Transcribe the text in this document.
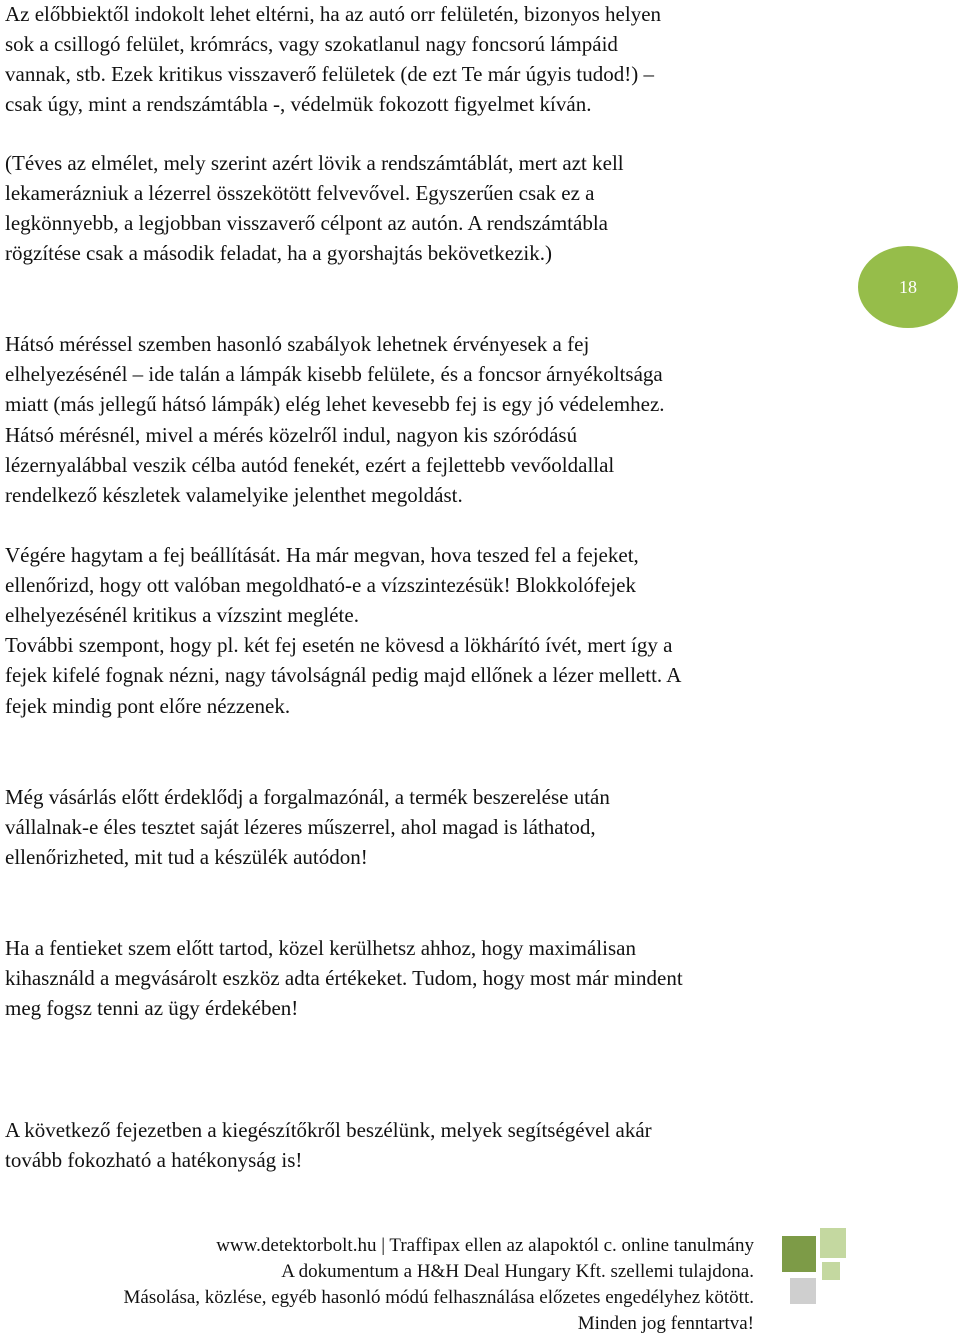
Az előbbiektől indokolt lehet eltérni, ha az autó orr felületén, bizonyos helyen

sok a csillogó felület, krómrács, vagy szokatlanul nagy foncsorú lámpáid

vannak, stb. Ezek kritikus visszaverő felületek (de ezt Te már úgyis tudod!) –

csak úgy, mint a rendszámtábla -, védelmük fokozott figyelmet kíván.

(Téves az elmélet, mely szerint azért lövik a rendszámtáblát, mert azt kell

lekamerázniuk a lézerrel összekötött felvevővel. Egyszerűen csak ez a

legkönnyebb, a legjobban visszaverő célpont az autón. A rendszámtábla

rögzítése csak a második feladat, ha a gyorshajtás bekövetkezik.)

18

Hátsó méréssel szemben hasonló szabályok lehetnek érvényesek a fej

elhelyezésénél – ide talán a lámpák kisebb felülete, és a foncsor árnyékoltsága

miatt (más jellegű hátsó lámpák) elég lehet kevesebb fej is egy jó védelemhez.

Hátsó mérésnél, mivel a mérés közelről indul, nagyon kis szóródású

lézernyalábbal veszik célba autód fenekét, ezért a fejlettebb vevőoldallal

rendelkező készletek valamelyike jelenthet megoldást.

Végére hagytam a fej beállítását. Ha már megvan, hova teszed fel a fejeket,

ellenőrizd, hogy ott valóban megoldható-e a vízszintezésük! Blokkolófejek

elhelyezésénél kritikus a vízszint megléte.

További szempont, hogy pl. két fej esetén ne kövesd a lökhárító ívét, mert így a

fejek kifelé fognak nézni, nagy távolságnál pedig majd ellőnek a lézer mellett. A

fejek mindig pont előre nézzenek.

Még vásárlás előtt érdeklődj a forgalmazónál, a termék beszerelése után

vállalnak-e éles tesztet saját lézeres műszerrel, ahol magad is láthatod,

ellenőrizheted, mit tud a készülék autódon!

Ha a fentieket szem előtt tartod, közel kerülhetsz ahhoz, hogy maximálisan

kihasználd a megvásárolt eszköz adta értékeket. Tudom, hogy most már mindent

meg fogsz tenni az ügy érdekében!

A következő fejezetben a kiegészítőkről beszélünk, melyek segítségével akár

tovább fokozható a hatékonyság is!

www.detektorbolt.hu | Traffipax ellen az alapoktól c. online tanulmány
A dokumentum a H&H Deal Hungary Kft. szellemi tulajdona.
Másolása, közlése, egyéb hasonló módú felhasználása előzetes engedélyhez kötött.
Minden jog fenntartva!
